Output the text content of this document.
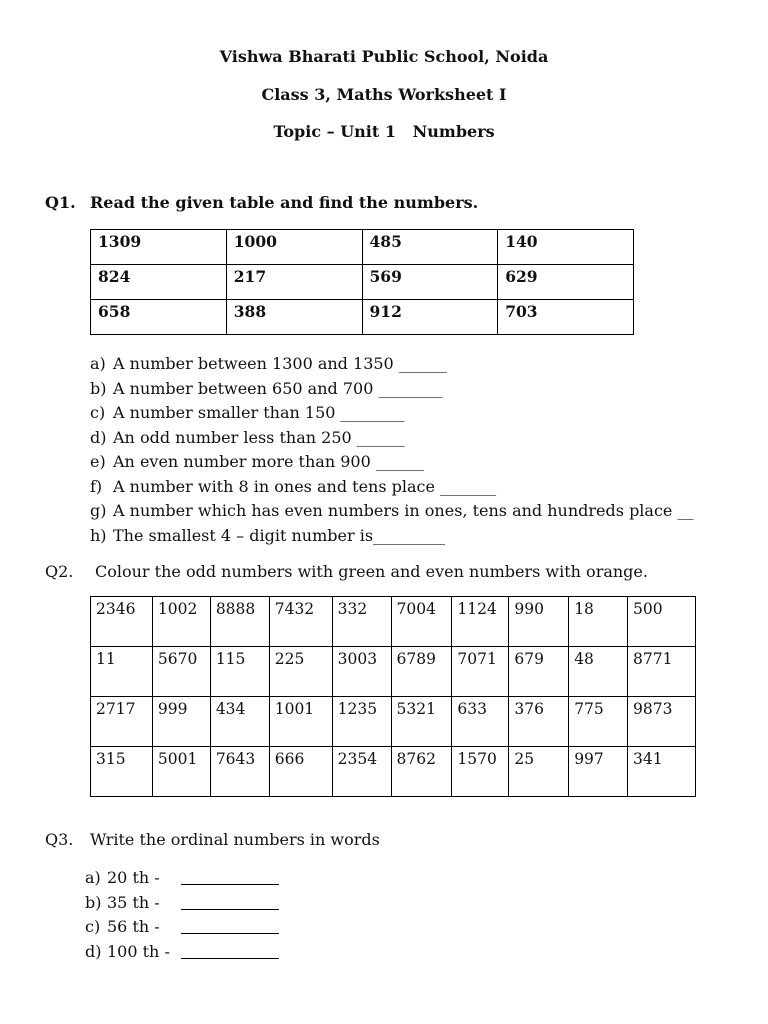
Vishwa Bharati Public School, Noida
Class 3, Maths Worksheet I
Topic – Unit 1   Numbers
Q1. Read the given table and find the numbers.
1309	1000	485	140
824	217	569	629
658	388	912	703
a) A number between 1300 and 1350 ______
b) A number between 650 and 700 ________
c) A number smaller than 150 ________
d) An odd number less than 250 ______
e) An even number more than 900 ______
f) A number with 8 in ones and tens place _______
g) A number which has even numbers in ones, tens and hundreds place __
h) The smallest 4 – digit number is_________
Q2. Colour the odd numbers with green and even numbers with orange.
2346	1002	8888	7432	332	7004	1124	990	18	500
11	5670	115	225	3003	6789	7071	679	48	8771
2717	999	434	1001	1235	5321	633	376	775	9873
315	5001	7643	666	2354	8762	1570	25	997	341
Q3. Write the ordinal numbers in words
a) 20 th -
b) 35 th -
c) 56 th -
d) 100 th -
